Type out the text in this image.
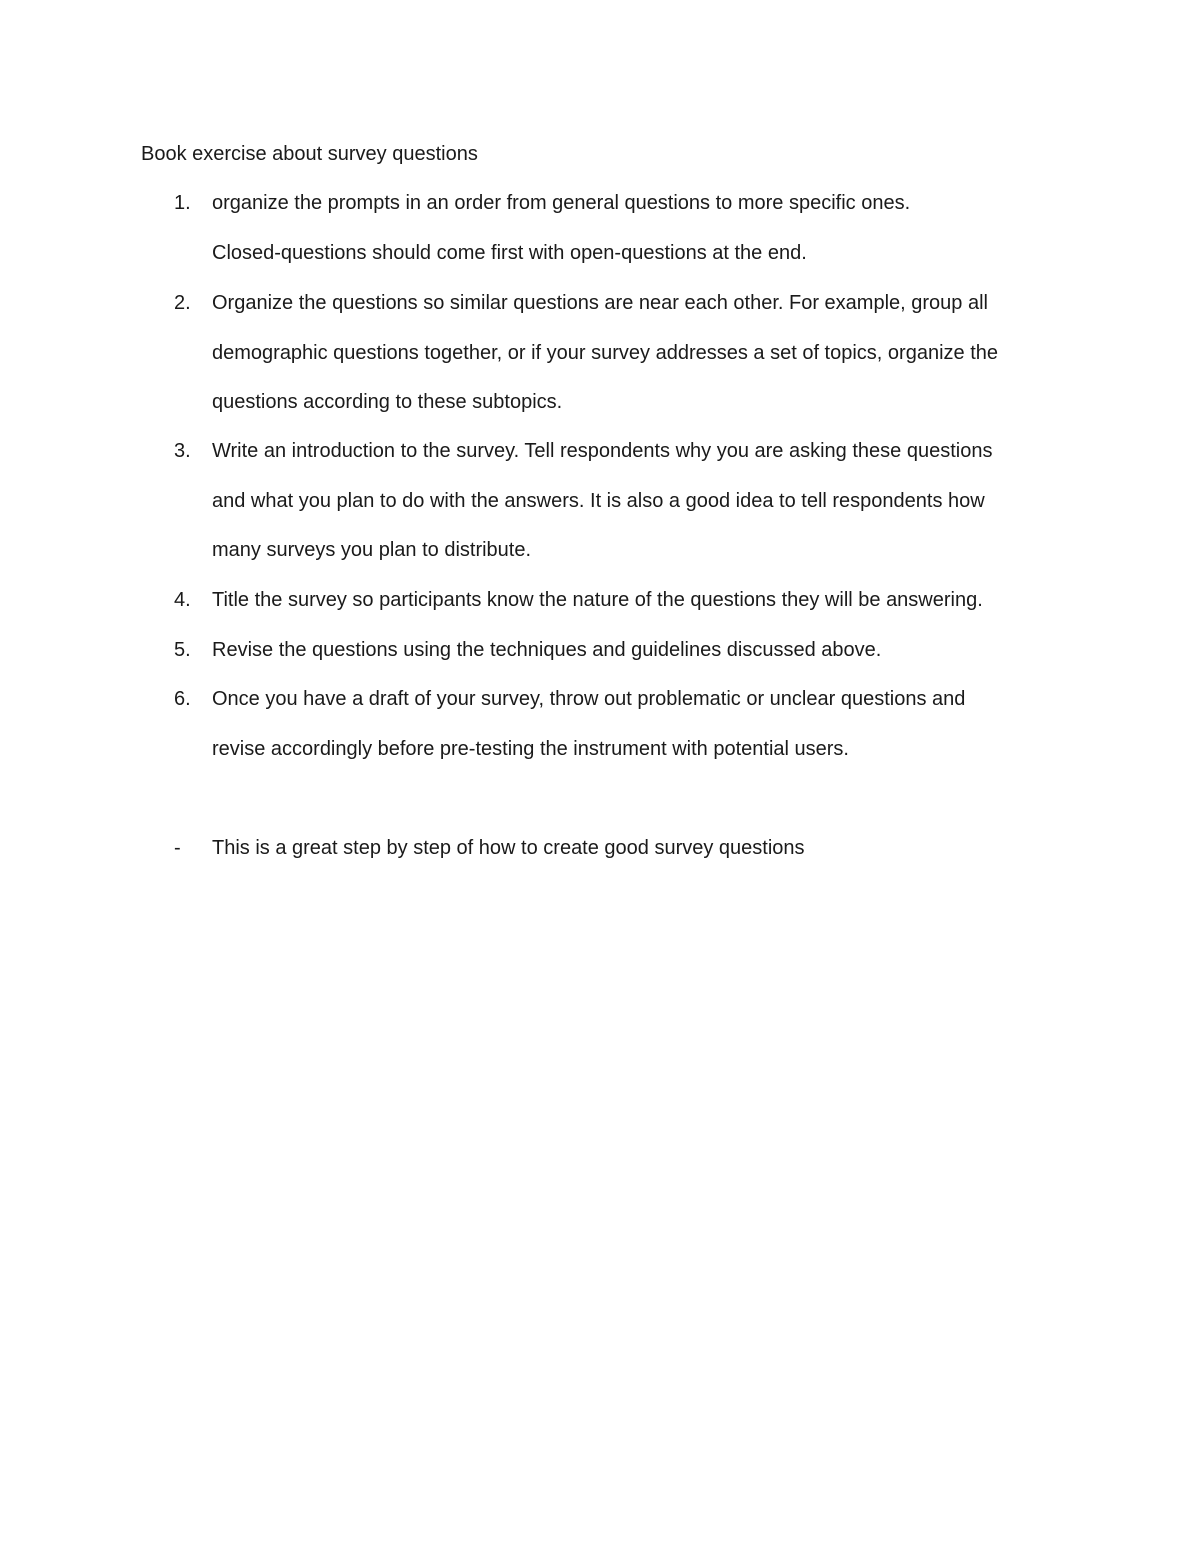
Book exercise about survey questions
1. organize the prompts in an order from general questions to more specific ones.
Closed-questions should come first with open-questions at the end.
2. Organize the questions so similar questions are near each other. For example, group all
demographic questions together, or if your survey addresses a set of topics, organize the
questions according to these subtopics.
3. Write an introduction to the survey. Tell respondents why you are asking these questions
and what you plan to do with the answers. It is also a good idea to tell respondents how
many surveys you plan to distribute.
4. Title the survey so participants know the nature of the questions they will be answering.
5. Revise the questions using the techniques and guidelines discussed above.
6. Once you have a draft of your survey, throw out problematic or unclear questions and
revise accordingly before pre-testing the instrument with potential users.
- This is a great step by step of how to create good survey questions
